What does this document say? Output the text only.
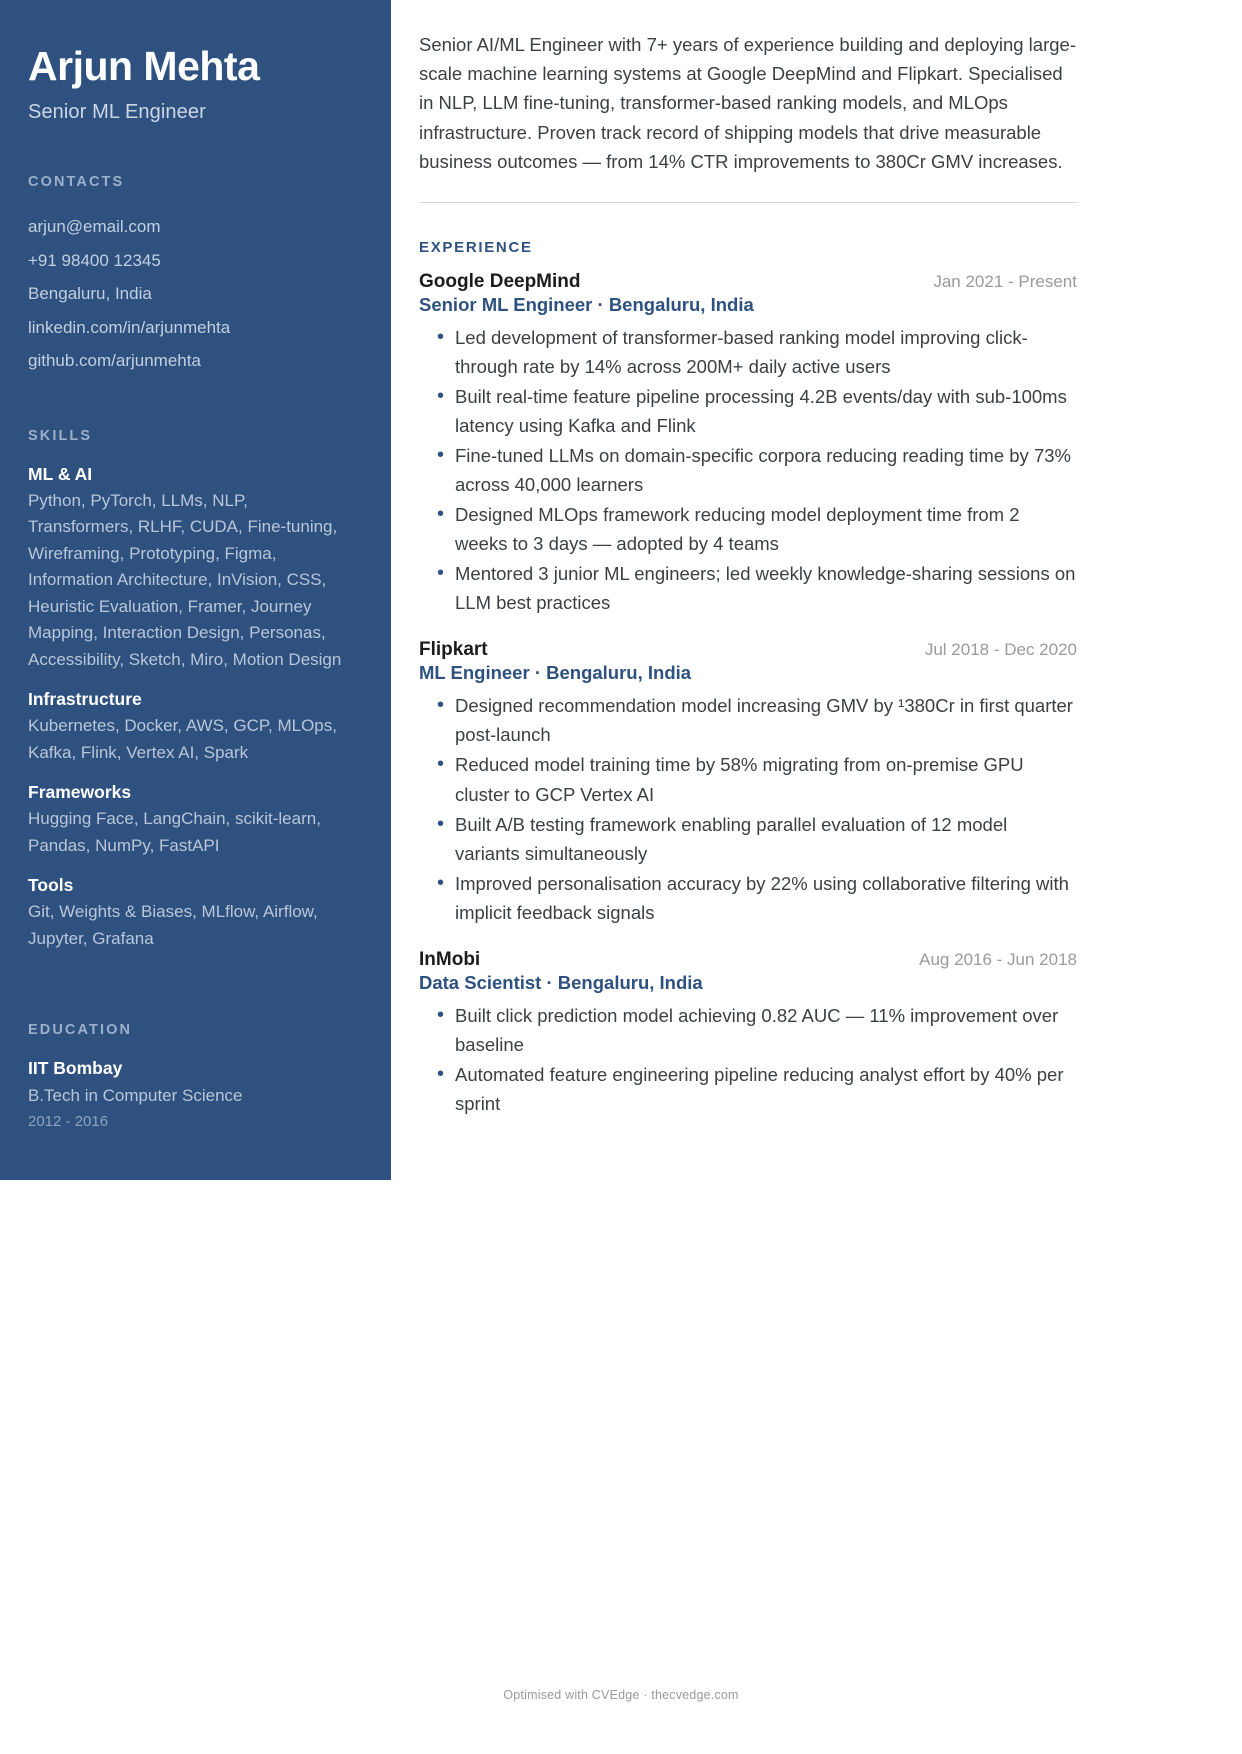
Arjun Mehta
Senior ML Engineer
CONTACTS
arjun@email.com
+91 98400 12345
Bengaluru, India
linkedin.com/in/arjunmehta
github.com/arjunmehta
SKILLS
ML & AI
Python, PyTorch, LLMs, NLP, Transformers, RLHF, CUDA, Fine-tuning, Wireframing, Prototyping, Figma, Information Architecture, InVision, CSS, Heuristic Evaluation, Framer, Journey Mapping, Interaction Design, Personas, Accessibility, Sketch, Miro, Motion Design
Infrastructure
Kubernetes, Docker, AWS, GCP, MLOps, Kafka, Flink, Vertex AI, Spark
Frameworks
Hugging Face, LangChain, scikit-learn, Pandas, NumPy, FastAPI
Tools
Git, Weights & Biases, MLflow, Airflow, Jupyter, Grafana
EDUCATION
IIT Bombay
B.Tech in Computer Science
2012 - 2016

Senior AI/ML Engineer with 7+ years of experience building and deploying large-scale machine learning systems at Google DeepMind and Flipkart. Specialised in NLP, LLM fine-tuning, transformer-based ranking models, and MLOps infrastructure. Proven track record of shipping models that drive measurable business outcomes — from 14% CTR improvements to 380Cr GMV increases.

EXPERIENCE
Google DeepMind	Jan 2021 - Present
Senior ML Engineer · Bengaluru, India
• Led development of transformer-based ranking model improving click-through rate by 14% across 200M+ daily active users
• Built real-time feature pipeline processing 4.2B events/day with sub-100ms latency using Kafka and Flink
• Fine-tuned LLMs on domain-specific corpora reducing reading time by 73% across 40,000 learners
• Designed MLOps framework reducing model deployment time from 2 weeks to 3 days — adopted by 4 teams
• Mentored 3 junior ML engineers; led weekly knowledge-sharing sessions on LLM best practices
Flipkart	Jul 2018 - Dec 2020
ML Engineer · Bengaluru, India
• Designed recommendation model increasing GMV by ¹380Cr in first quarter post-launch
• Reduced model training time by 58% migrating from on-premise GPU cluster to GCP Vertex AI
• Built A/B testing framework enabling parallel evaluation of 12 model variants simultaneously
• Improved personalisation accuracy by 22% using collaborative filtering with implicit feedback signals
InMobi	Aug 2016 - Jun 2018
Data Scientist · Bengaluru, India
• Built click prediction model achieving 0.82 AUC — 11% improvement over baseline
• Automated feature engineering pipeline reducing analyst effort by 40% per sprint
Optimised with CVEdge · thecvedge.com
